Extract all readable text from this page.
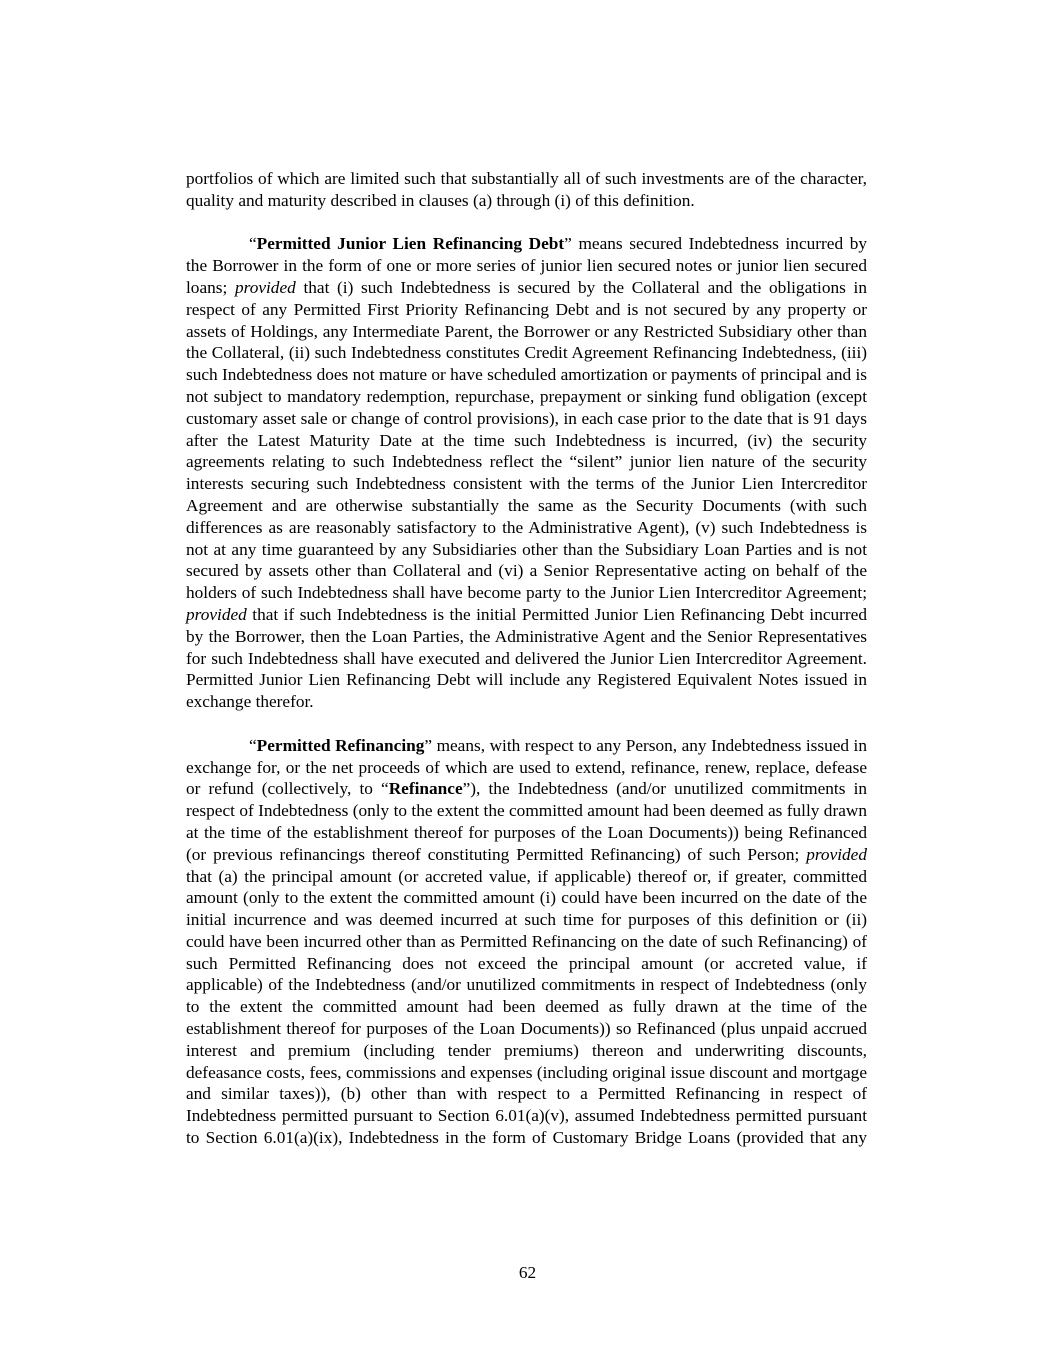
portfolios of which are limited such that substantially all of such investments are of the character, quality and maturity described in clauses (a) through (i) of this definition.

“Permitted Junior Lien Refinancing Debt” means secured Indebtedness incurred by the Borrower in the form of one or more series of junior lien secured notes or junior lien secured loans; provided that (i) such Indebtedness is secured by the Collateral and the obligations in respect of any Permitted First Priority Refinancing Debt and is not secured by any property or assets of Holdings, any Intermediate Parent, the Borrower or any Restricted Subsidiary other than the Collateral, (ii) such Indebtedness constitutes Credit Agreement Refinancing Indebtedness, (iii) such Indebtedness does not mature or have scheduled amortization or payments of principal and is not subject to mandatory redemption, repurchase, prepayment or sinking fund obligation (except customary asset sale or change of control provisions), in each case prior to the date that is 91 days after the Latest Maturity Date at the time such Indebtedness is incurred, (iv) the security agreements relating to such Indebtedness reflect the “silent” junior lien nature of the security interests securing such Indebtedness consistent with the terms of the Junior Lien Intercreditor Agreement and are otherwise substantially the same as the Security Documents (with such differences as are reasonably satisfactory to the Administrative Agent), (v) such Indebtedness is not at any time guaranteed by any Subsidiaries other than the Subsidiary Loan Parties and is not secured by assets other than Collateral and (vi) a Senior Representative acting on behalf of the holders of such Indebtedness shall have become party to the Junior Lien Intercreditor Agreement; provided that if such Indebtedness is the initial Permitted Junior Lien Refinancing Debt incurred by the Borrower, then the Loan Parties, the Administrative Agent and the Senior Representatives for such Indebtedness shall have executed and delivered the Junior Lien Intercreditor Agreement. Permitted Junior Lien Refinancing Debt will include any Registered Equivalent Notes issued in exchange therefor.

“Permitted Refinancing” means, with respect to any Person, any Indebtedness issued in exchange for, or the net proceeds of which are used to extend, refinance, renew, replace, defease or refund (collectively, to “Refinance”), the Indebtedness (and/or unutilized commitments in respect of Indebtedness (only to the extent the committed amount had been deemed as fully drawn at the time of the establishment thereof for purposes of the Loan Documents)) being Refinanced (or previous refinancings thereof constituting Permitted Refinancing) of such Person; provided that (a) the principal amount (or accreted value, if applicable) thereof or, if greater, committed amount (only to the extent the committed amount (i) could have been incurred on the date of the initial incurrence and was deemed incurred at such time for purposes of this definition or (ii) could have been incurred other than as Permitted Refinancing on the date of such Refinancing) of such Permitted Refinancing does not exceed the principal amount (or accreted value, if applicable) of the Indebtedness (and/or unutilized commitments in respect of Indebtedness (only to the extent the committed amount had been deemed as fully drawn at the time of the establishment thereof for purposes of the Loan Documents)) so Refinanced (plus unpaid accrued interest and premium (including tender premiums) thereon and underwriting discounts, defeasance costs, fees, commissions and expenses (including original issue discount and mortgage and similar taxes)), (b) other than with respect to a Permitted Refinancing in respect of Indebtedness permitted pursuant to Section 6.01(a)(v), assumed Indebtedness permitted pursuant to Section 6.01(a)(ix), Indebtedness in the form of Customary Bridge Loans (provided that any

62
